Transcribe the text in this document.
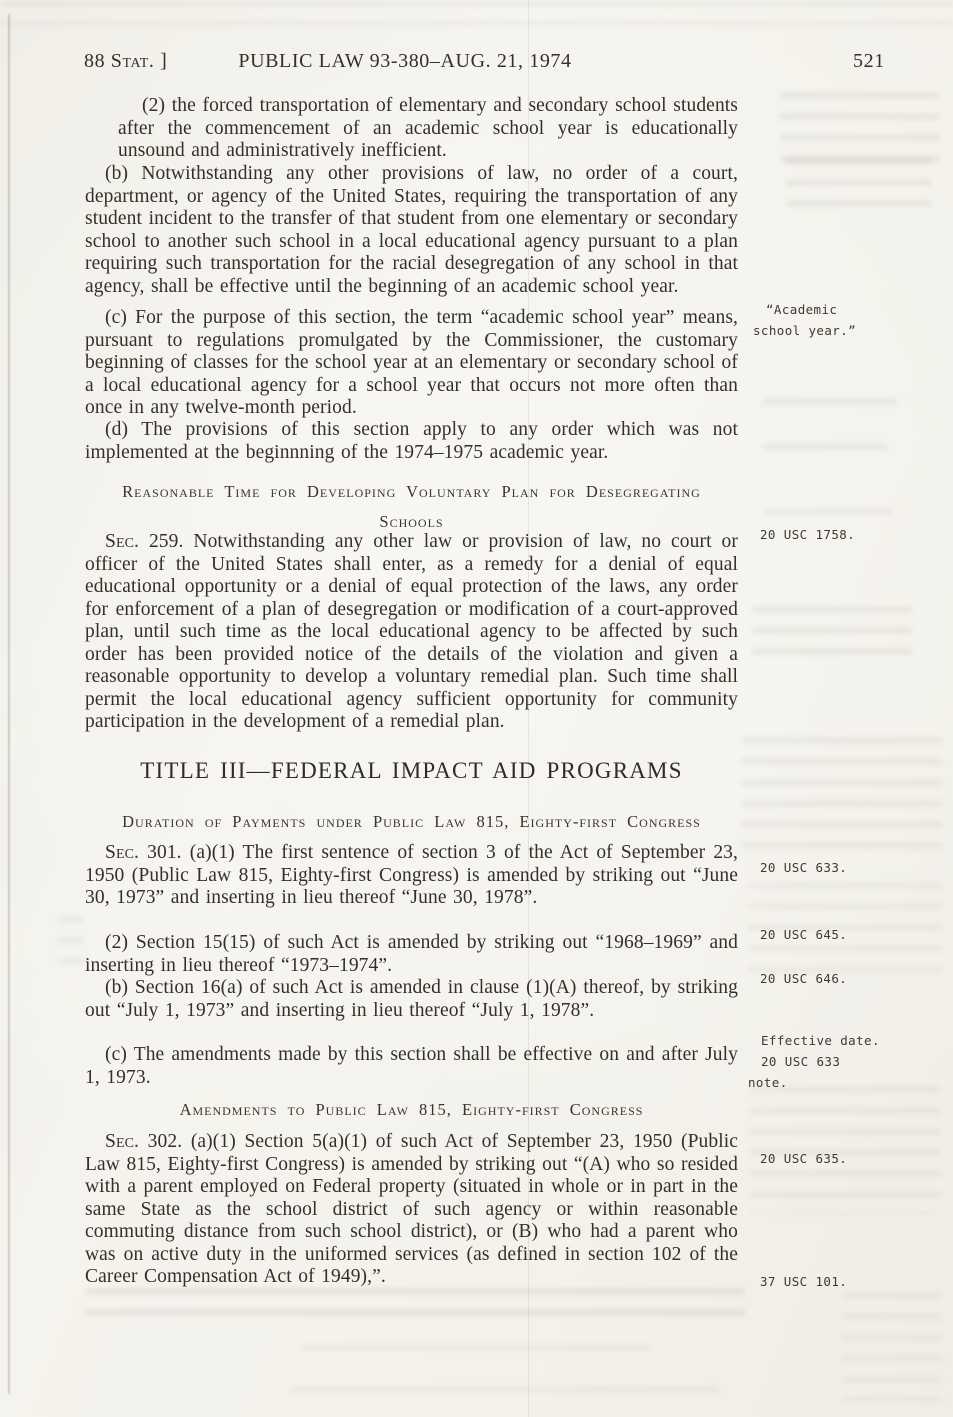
88 Stat. ]	PUBLIC LAW 93-380–AUG. 21, 1974	521
(2) the forced transportation of elementary and secondary school students after the commencement of an academic school year is educationally unsound and administratively inefficient.
(b) Notwithstanding any other provisions of law, no order of a court, department, or agency of the United States, requiring the transportation of any student incident to the transfer of that student from one elementary or secondary school to another such school in a local educational agency pursuant to a plan requiring such transportation for the racial desegregation of any school in that agency, shall be effective until the beginning of an academic school year.
(c) For the purpose of this section, the term “academic school year” means, pursuant to regulations promulgated by the Commissioner, the customary beginning of classes for the school year at an elementary or secondary school of a local educational agency for a school year that occurs not more often than once in any twelve-month period.
(d) The provisions of this section apply to any order which was not implemented at the beginnning of the 1974–1975 academic year.
Reasonable Time for Developing Voluntary Plan for Desegregating
Schools
Sec. 259. Notwithstanding any other law or provision of law, no court or officer of the United States shall enter, as a remedy for a denial of equal educational opportunity or a denial of equal protection of the laws, any order for enforcement of a plan of desegregation or modification of a court-approved plan, until such time as the local educational agency to be affected by such order has been provided notice of the details of the violation and given a reasonable opportunity to develop a voluntary remedial plan. Such time shall permit the local educational agency sufficient opportunity for community participation in the development of a remedial plan.
TITLE III—FEDERAL IMPACT AID PROGRAMS
Duration of Payments under Public Law 815, Eighty-first Congress
Sec. 301. (a)(1) The first sentence of section 3 of the Act of September 23, 1950 (Public Law 815, Eighty-first Congress) is amended by striking out “June 30, 1973” and inserting in lieu thereof “June 30, 1978”.
(2) Section 15(15) of such Act is amended by striking out “1968–1969” and inserting in lieu thereof “1973–1974”.
(b) Section 16(a) of such Act is amended in clause (1)(A) thereof, by striking out “July 1, 1973” and inserting in lieu thereof “July 1, 1978”.
(c) The amendments made by this section shall be effective on and after July 1, 1973.
Amendments to Public Law 815, Eighty-first Congress
Sec. 302. (a)(1) Section 5(a)(1) of such Act of September 23, 1950 (Public Law 815, Eighty-first Congress) is amended by striking out “(A) who so resided with a parent employed on Federal property (situated in whole or in part in the same State as the school district of such agency or within reasonable commuting distance from such school district), or (B) who had a parent who was on active duty in the uniformed services (as defined in section 102 of the Career Compensation Act of 1949),”.
“Academic
school year.”
20 USC 1758.
20 USC 633.
20 USC 645.
20 USC 646.
Effective date.
20 USC 633
note.
20 USC 635.
37 USC 101.
